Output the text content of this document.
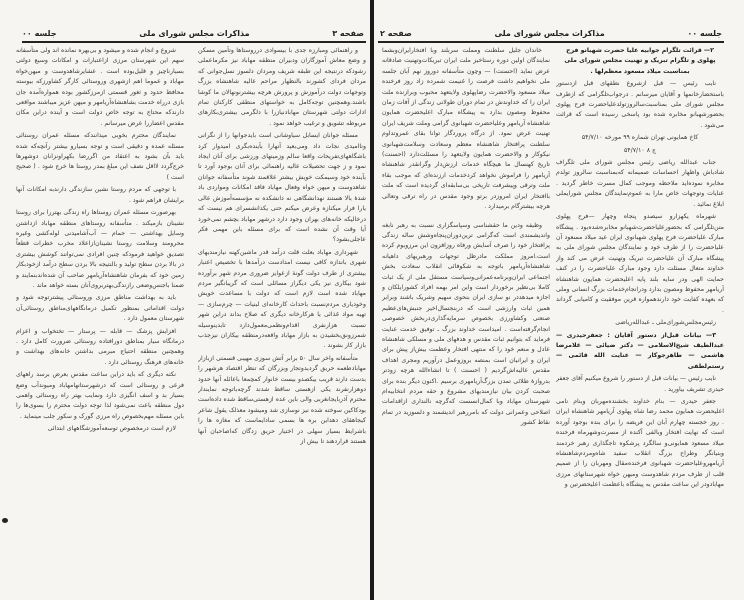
صفحه ۳
مذاکرات مجلس شورای ملی
جلسه ۰۰

و راهنمائی ومبارزه جدی با بیسوادی درروستاها وتأمین مسکن و وضع معاش آموزگاران ودبیران منطقه مهاباد نیز مکرماعملی رشودکه درنتیجه این طبقه شریف ومردان دلسوز نسل‌جوانی که مردان فردای کشورند بالنظهار مراحم عالیه شاهنشاه بزرگ وتوجهات دولت درآموزش و پرورش هرچه بیشترنونهالان ما کوشا باشند.وهمچنین توجه‌کامل به خواستهای منطقی کارکنان تمام ادارات دولتی شهرستان مهابادنیازرا با دلگرمی بیشتری‌بکارهای مربوطه تشویق و ترغیب خواهد نمود .

مسئله جوانان ایسابل سیاوشانی است بایدجوانها را از نگرانی وناامیدی نجات داد ومی‌بعید آنهارا بآینده‌بگری امیدوار کرد باشگاههای‌تفریحات واقعا سالم وزمینهای ورزشی برای آنان ایجاد نمود و ز جهت تحصیلات عالیه راهنمائی برای آنان بوجود آورد تا بآینده خود وسیمکت خویش بیشتر علاقمند شوند متأسفانه جوانان شاهدوست و میهن خواه وفعال مهاباد فاقد امکانات ومواردی باد شدهٔ بالا هستند نهدانشگاهی نه دانشکده نه مؤسسه‌آموزش عالی یارا فرار میکنازه وعرض میکنم حتی یکدانشسرای هم نیست که درخالیکه خانه‌های بهران وجود دارد درشهر مهاباد بچشم نمی‌خورد آیا وقت آن نشده است که برای مسئله باین مهمی فکر عاجلی‌بشود؟

شهرداری مهاباد بعلت قلت درآمد قدر ماشین‌کهنه نیازمندیهای شهری باندازه کافی نیست امدادست درآمدها با تخصیص اعتبار بیشتری از طرف دولت گونهٔ ازعوایز ضروری مردم شهر برآورده شود بیکاری نیز یکی دیگراز مسائلی است که گریبانگیر مردم مهاباد شده است لازم است که دولت با مساعدت خویش وخودیاری مردم‌نسبت باحداث کارخانه‌ای لبنیات — چرم‌سازی — تهیه مواد غذائی یا هرکارخانه دیگری که صلاح بداند دراین شهر نسبت هزارنفری اقدام‌ونظمی‌معمول‌دارد تابدینوسیله شمرزونق‌بخشیدن به بازار مهاباد واقعه‌درمنطقه‌ بیکاران نیز‌جذب بازار کار بشوند .

متأسفانه واخر سال ۵۰ برابر آتش سوزی مهیبی قسمتی ازبازار مهابادطعمه حریق گردیدوتجار وبزرگان که تنظر اقتصاد هرشهر را بدست دارند قریب بیکصدو بیست خانوار کمچمعا باعائله آنها حدود دوهزارنفرند یکی ازهستی ساقط شدند گرچه‌باتوجه نمایندار محترم آذربایجانغربی والی باین عده ازهستی‌ساقط شده داده‌است بودکاکین سوخته شده نیز نوسازی شد ومیشود معذلک یقول شاعر کیجاهقای دهد‌این بره ها بسمی ساد‌ایماست که مغازه ها را باشرایط بسیار سهلی در اختیار حریق زدگان که‌اصاحبان آنها هستند قراردهند تا بیش از

شروع و انجام شده و میشود و بی‌بهره نمانده اند ولی متأسفانه سهم این شهرستان مرزی ازاعتبارات و امکانات وسیع دولتی بسیارناچیز و قلیل‌بوده است . عشایرشاهدوست و میهن‌خواه مهاباد و عموما اهم ازشهری وروستائی کارگر کشاورزکه بیوسته محافظ حدود و ثغور قسمتی ازمرزکشور بوده همواره‌آمده جان بازی درراه خدمت بشاهنشاه‌آریامهر و میهن عزیز میباشند مواقعی دارندکه محتاج به توجه خاص دولت است و آینده دراین مکان مقدس اعضاررا عرض میرسانم .

نمایندگان محترم بخوبی میدانندکه مسئله عمران روستائی مسئله عمده و دقیقی است و توجه بسیارو بیشتر رآنچه‌که شده باید بآن بشود به اعتقاد من اگررضا بکهراونزانان دوشهرها خرج‌گردد لااقل نصف این مبلغ بمدر روستا ها خرج شود . ( صحیح است )

با توجهی که مردم روستا نشین سازندگی دارندبه امکانات آنها برایشان فراهم شود .

بهرصورت مسئله عمران روستاها راه زندگی بهتررا برای روستا نشینان بازمیکند . متأسفانه روستاهای منطقه مهاباد ازداشتن وسایل بهداشتی — حمام — آب‌آشامیدنی لوله‌کشی وغیره محرومند وسلامت روستا نشینان‌ازاعلاد مخرب خطرات قطعاً تصدیق خواهید فرمودکه چنین افرادی نمی‌توانند کوشش بیشتری در بالا بردن سطح تولید و بالنتیجه بالا بردن سطح درآمد ازخودبکار زمین خود که بفرمان شاهنشاه‌آریامهر صاحب آن شده‌اندبنمایند و ضمنا باجنس‌وضعی رازندگی‌بهتربروی‌آنان بسته خواهد ماند .

باید به بهداشت مناطق مرزی وروستائی پیشترتوجه شود و دولت اقداماتی بمنظور تکمیل درمانگاههای‌مناطق روستائی‌آن شهرستان معمول دارد .

افزایش پزشک — قابله — پرستار — تختخواب و اعزام درمانگاه سیار بمناطق دورافتاده روستائی ضرورت کامل دارد . وهمچنین منطقه احتیاج مبرمی بداشتن خانه‌های بهداشت و خانه‌های فرهنگ روستائی دارد .

نکته دیگری که باید دراین ساعت مقدس بعرض برسد راههای فرعی و روستائی است که درشهرستانهامهاباد ومیوندآب وضع بسیار بد و اسف انگیزی دارد ونمایب بهتر راه روستائی واهمی دول منطقه باعث نمی‌شود لذا توجه دولت محترم را بسوی‌ها را باین مسئله مهم‌بخصوص راه مرزی گورک و سکور جلب مینماید .

لازم است درمخصوص توسعه‌آموزشگاههای ابتدائی

جلسه ۰۰
مذاکرات مجلس شورای ملی
صفحه ۲

۲— قرائت تلگرام جوابیه علیا حضرت شهبانو فرح پهلوی و تلگرام تبریک و تهنیت مجلس شورای ملی بمناسبت میلاد مسعود معظم‌لها .

نایب رئیس — قبل ازشروع نطقهای قبل ازدستور باستحضارخانمها و آقایان میرسانم . درجواب‌تلگرامی که ازطرف مجلس شورای ملی بمناسبت‌سالروزتولدعلیاحضرت فرح پهلوی بحضورشهبانو مخابره شده بود پاسخی رسیده است که قرائت می‌شود .

کاخ همایونی تهران شماره ۹۹ مورخه ۵۴/۷/۱۰

ج ۸ ۵۴/۷/۱۰

جناب عبدالله ریاضی رئیس مجلس شورای ملی تلگراف شادباش واظهار احساسات صمیمانه که‌بمناسبت سالروز تولدم مخابره نموده‌اید ملاحظه وموجب کمال مسرت خاطر گردید . عنایات وتوجهات خاص مارا به عموم‌نمایندگان مجلس شورایملی ابلاغ نمائید .

شهرماه یکهزارو سیصدو پنجاه وچهار —فرح پهلوی متن‌تلگرامی که بحضورعلیاحضرت‌شهبانو مخابره‌شده‌بود . پیشگاه مبارک علیاحضرت فرح پهلوی شهبانوی ایران عید میلاد مسعود آن علیاحضرت را از طرف خود و نمایندگان مجلس شورای ملی به پیشگاه مبارک آن علیاحضرت تبریک وتهنیت عرض می کند واز خداوند متعال مسئلت دارد وجود مبارک علیاحضرت را در کنف حمایت الهی ودر سایه بلند پایه اعلیحضرت همایون شاهنشاه آریامهر محفوظ ومصون بدارد ودرانجام‌خدمات بزرگ انسانی وملی که بعهده کفایت خود دارند‌همواره قرین موفقیت و کامیابی گرداند .

رئیس‌مجلس‌شورای‌ملی ـ عبدالله‌ریاضی

۳— بیانات قبل‌از دستور آقایان : جعفرحیدری — عبدالطیف شیخ‌الاسلامی — دکتر ضیائی — غلامرضا هاشمی — طاهرجوکار — عنایت الله قائمی — رستم‌لطفی

نایب رئیس — بیانات قبل از دستور را شروع میکنیم آقای جعفر حیدری تشریف بیاورید .

جعفر حیدری — بنام خداوند بخشنده‌مهربان وبنام نامی اعلیحضرت همایون محمد رضا شاه پهلوی آریامهر شاهنشاه ایران . روز خجسته چهارم آبان این فریضه را برای بنده بوجود آورده است که نهایت افتخار وبالفی آکنده از مسرت‌وشهرماه فرخنده میلاد مسعود همایونی‌و سالگرد پرشکوه تاجگذاری رهبر خردمند وبنیانگر وطراح بزرگ انقلاب سفید شاه‌ومردم‌شاهنشاه آریامهروعلیاحضرت شهبانوی فرخنده‌مقال ومهربان را از صمیم قلب از طرف مردم شاهدوست ومیهن خواه شهرستانهای مرزی مهابادودر این ساعت مقدس به پیشگاه باعظمت اعلیحضرتین و

خاندان جلیل سلطنت ومملت سربلند وبا افتخارایران‌وبشما نمایندگان اولین دوره رستاخیز ملت ایران تبریکات‌وتهنیت صادقانه عرض نماید (احسنت) — وچون متأسفانه دوروز نهم آبان جلسه ملی نخواهیم داشت فرصت را غنیمت شمرده زاد روز فرخنده میلاد مسعود والاحضرت رضاپهلوی ولایتعهد محبوب وبرازنده ملت ایران را که خداوندش در تمام دوران طولانی زندگی از آفات زمان محفوظ ومصون بدارد به پیشگاه مبارک اعلیحضرت همایون شاهنشاه آریامهر وعلیاحضرت شهبانوی گرامی وملت شریف ایران تهنیت عرض نمود. از درگاه پروردگار توانا بقای عمروتداوم سلطنت پرافتخار شاهنشاه معظم وسعادت وسلامت‌شهبانوی نیکوکار و والاحضرت همایون ولایتعهد را مسئلت‌دارد (احسنت) تاریخ کهنسال ما هیچگاه خدمات ارزش‌دار وگرانقدر شاهنشاه آریامهر را فراموش نخواهد کردخدمات ارزنده‌ای که موجب بقاء ملت وترقی وپیشرفت تاریخی بی‌سابقه‌ای گردیده است که ملت باافتخار ایران امروزدر برتو وجود مقدس در راه ترقی وتعالی هرچه بیشترگام برمیدارد .

وظیفه ودین ما حقشناسی وسپاسگزاری نسبت به رهبر نابغه واندیشمندی است که‌گرامی ترین‌دوران‌پنجاه‌وشش ساله زندگی پرافتخار خود را صرف آسایش ورفاه روزافزون این مرزوبوم کرده است.امروز مملکت مادرظل توجهات ورهبریهای داهیانه شاهنشاه‌آریامهر باتوجه به شکوفائی انقلاب سعادت بخش اجتماعی ایران‌وبرنامه‌عمرانی‌وسیاست مستقل ملی از یک ثبات کاملا بی‌نظیر برخوردار است واین امر بهمه افراد کشورایلکان و اجازه میدهددر نو سازی ایران بنحوی سهیم وشریک باشند وبرابر همین ثبات وارزشی است که دربنجسال‌اخیر جنبش‌های‌عظیم صنعتی وکشاورزی بخصوص سرمایه‌گذاری‌دربخش خصوصی انجام‌گرفته‌است . امیداست خداوند بزرگ ـ توفیق خدمت عنایت فرماید که بتوانیم ثبات مقدس و هدفهای ملی و مسلکی شاهنشاه عادل و منعم خود را که منتهی افتخار وعظمت بیش‌از پیش برای ایران و ایرانیان است بمنصه بروزوعمل درآوریم ومجری اهداف مقدس عالیه‌اش‌گردیم ( احسنت ) تا انشاءالله هرچه زودتر بدروازهٔ طلائی تمدن بزرگ‌آریامهری برسیم .اکنون دیگر بنده برای صحبت کردن بیان نیازمندیهای مشروع و حقه مردم انتخابیه‌ام شهرستان مهاباد وبا کمال‌انسست که‌گرچه نالنداری ازاقدامات اصلاحی وعمرانی دولت که بامررهبر اندیشمند و دلسوزید در تمام نقاط کشور
